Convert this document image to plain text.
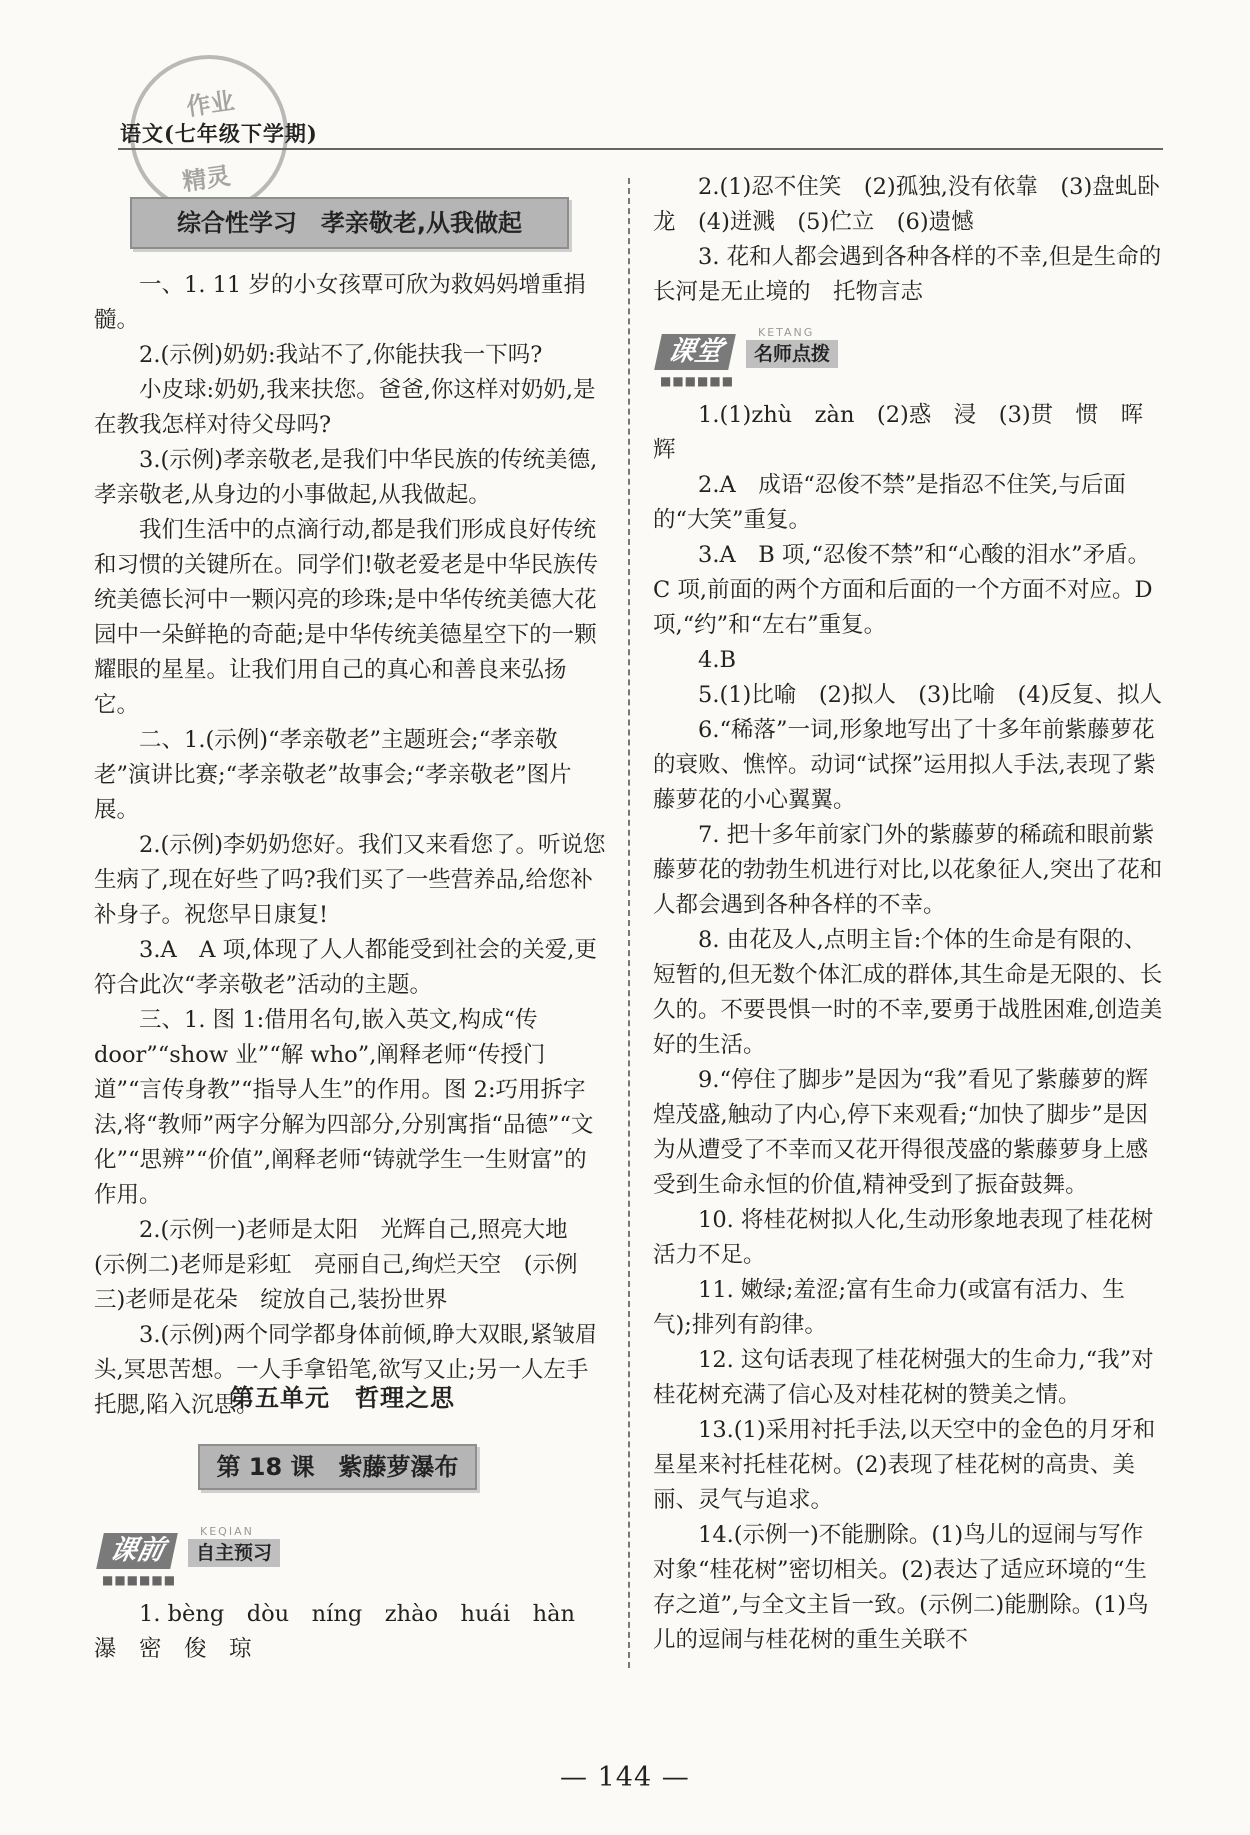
作业
精灵
语文(七年级下学期)
综合性学习　孝亲敬老,从我做起

一、1. 11 岁的小女孩覃可欣为救妈妈增重捐髓。

2.(示例)奶奶:我站不了,你能扶我一下吗?

小皮球:奶奶,我来扶您。爸爸,你这样对奶奶,是在教我怎样对待父母吗?

3.(示例)孝亲敬老,是我们中华民族的传统美德,孝亲敬老,从身边的小事做起,从我做起。

我们生活中的点滴行动,都是我们形成良好传统和习惯的关键所在。同学们!敬老爱老是中华民族传统美德长河中一颗闪亮的珍珠;是中华传统美德大花园中一朵鲜艳的奇葩;是中华传统美德星空下的一颗耀眼的星星。让我们用自己的真心和善良来弘扬它。

二、1.(示例)“孝亲敬老”主题班会;“孝亲敬老”演讲比赛;“孝亲敬老”故事会;“孝亲敬老”图片展。

2.(示例)李奶奶您好。我们又来看您了。听说您生病了,现在好些了吗?我们买了一些营养品,给您补补身子。祝您早日康复!

3.A　A 项,体现了人人都能受到社会的关爱,更符合此次“孝亲敬老”活动的主题。

三、1. 图 1:借用名句,嵌入英文,构成“传door”“show 业”“解 who”,阐释老师“传授门道”“言传身教”“指导人生”的作用。图 2:巧用拆字法,将“教师”两字分解为四部分,分别寓指“品德”“文化”“思辨”“价值”,阐释老师“铸就学生一生财富”的作用。

2.(示例一)老师是太阳　光辉自己,照亮大地　(示例二)老师是彩虹　亮丽自己,绚烂天空　(示例三)老师是花朵　绽放自己,装扮世界

3.(示例)两个同学都身体前倾,睁大双眼,紧皱眉头,冥思苦想。一人手拿铅笔,欲写又止;另一人左手托腮,陷入沉思。

第五单元　哲理之思
第 18 课　紫藤萝瀑布
课前
KEQIAN
自主预习
■■■■■■

1. bèng　dòu　níng　zhào　huái　hàn　瀑　密　俊　琼

2.(1)忍不住笑　(2)孤独,没有依靠　(3)盘虬卧龙　(4)迸溅　(5)伫立　(6)遗憾

3. 花和人都会遇到各种各样的不幸,但是生命的长河是无止境的　托物言志

课堂
KETANG
名师点拨
■■■■■■

1.(1)zhù　zàn　(2)惑　浸　(3)贯　惯　晖　辉

2.A　成语“忍俊不禁”是指忍不住笑,与后面的“大笑”重复。

3.A　B 项,“忍俊不禁”和“心酸的泪水”矛盾。C 项,前面的两个方面和后面的一个方面不对应。D 项,“约”和“左右”重复。

4.B

5.(1)比喻　(2)拟人　(3)比喻　(4)反复、拟人

6.“稀落”一词,形象地写出了十多年前紫藤萝花的衰败、憔悴。动词“试探”运用拟人手法,表现了紫藤萝花的小心翼翼。

7. 把十多年前家门外的紫藤萝的稀疏和眼前紫藤萝花的勃勃生机进行对比,以花象征人,突出了花和人都会遇到各种各样的不幸。

8. 由花及人,点明主旨:个体的生命是有限的、短暂的,但无数个体汇成的群体,其生命是无限的、长久的。不要畏惧一时的不幸,要勇于战胜困难,创造美好的生活。

9.“停住了脚步”是因为“我”看见了紫藤萝的辉煌茂盛,触动了内心,停下来观看;“加快了脚步”是因为从遭受了不幸而又花开得很茂盛的紫藤萝身上感受到生命永恒的价值,精神受到了振奋鼓舞。

10. 将桂花树拟人化,生动形象地表现了桂花树活力不足。

11. 嫩绿;羞涩;富有生命力(或富有活力、生气);排列有韵律。

12. 这句话表现了桂花树强大的生命力,“我”对桂花树充满了信心及对桂花树的赞美之情。

13.(1)采用衬托手法,以天空中的金色的月牙和星星来衬托桂花树。(2)表现了桂花树的高贵、美丽、灵气与追求。

14.(示例一)不能删除。(1)鸟儿的逗闹与写作对象“桂花树”密切相关。(2)表达了适应环境的“生存之道”,与全文主旨一致。(示例二)能删除。(1)鸟儿的逗闹与桂花树的重生关联不

— 144 —
